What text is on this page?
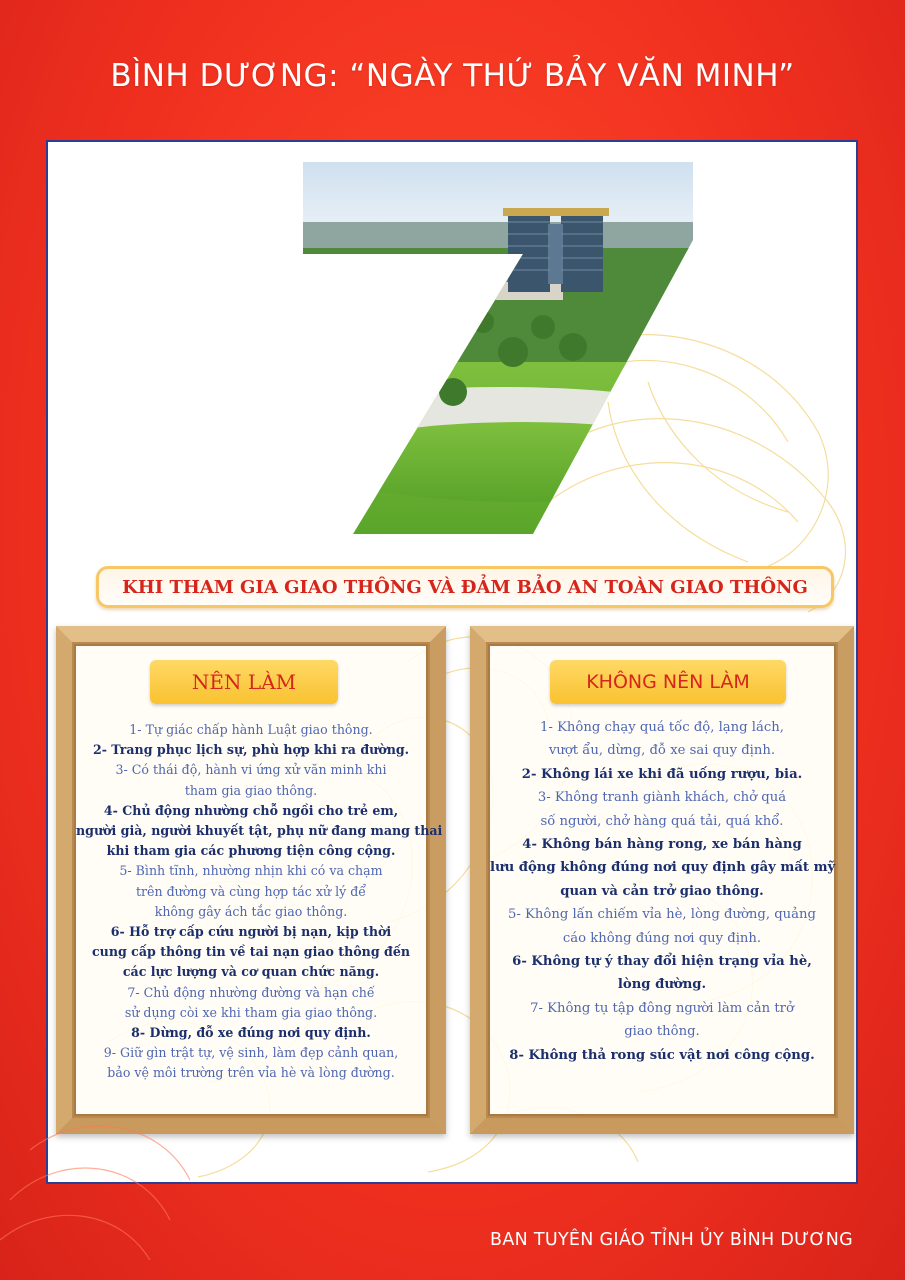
BÌNH DƯƠNG: “NGÀY THỨ BẢY VĂN MINH”
KHI THAM GIA GIAO THÔNG VÀ ĐẢM BẢO AN TOÀN GIAO THÔNG
NÊN LÀM
1- Tự giác chấp hành Luật giao thông.
2- Trang phục lịch sự, phù hợp khi ra đường.
3- Có thái độ, hành vi ứng xử văn minh khi
tham gia giao thông.
4- Chủ động nhường chỗ ngồi cho trẻ em,
người già, người khuyết tật, phụ nữ đang mang thai
khi tham gia các phương tiện công cộng.
5- Bình tĩnh, nhường nhịn khi có va chạm
trên đường và cùng hợp tác xử lý để
không gây ách tắc giao thông.
6- Hỗ trợ cấp cứu người bị nạn, kịp thời
cung cấp thông tin về tai nạn giao thông đến
các lực lượng và cơ quan chức năng.
7- Chủ động nhường đường và hạn chế
sử dụng còi xe khi tham gia giao thông.
8- Dừng, đỗ xe đúng nơi quy định.
9- Giữ gìn trật tự, vệ sinh, làm đẹp cảnh quan,
bảo vệ môi trường trên vỉa hè và lòng đường.
KHÔNG NÊN LÀM
1- Không chạy quá tốc độ, lạng lách,
vượt ẩu, dừng, đỗ xe sai quy định.
2- Không lái xe khi đã uống rượu, bia.
3- Không tranh giành khách, chở quá
số người, chở hàng quá tải, quá khổ.
4- Không bán hàng rong, xe bán hàng
lưu động không đúng nơi quy định gây mất mỹ
quan và cản trở giao thông.
5- Không lấn chiếm vỉa hè, lòng đường, quảng
cáo không đúng nơi quy định.
6- Không tự ý thay đổi hiện trạng vỉa hè,
lòng đường.
7- Không tụ tập đông người làm cản trở
giao thông.
8- Không thả rong súc vật nơi công cộng.
BAN TUYÊN GIÁO TỈNH ỦY BÌNH DƯƠNG
